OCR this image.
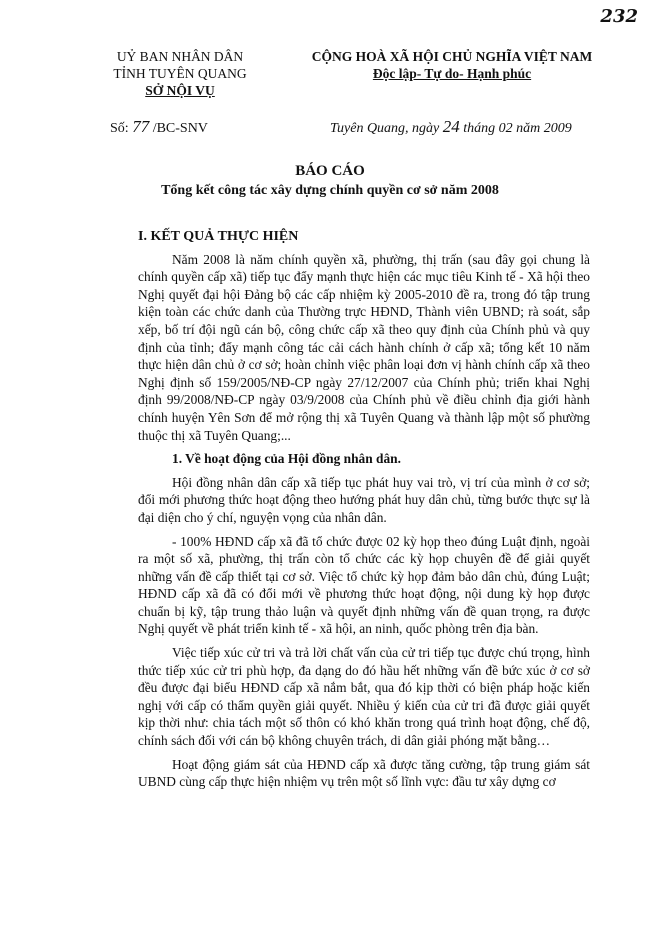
232
UỶ BAN NHÂN DÂN
TỈNH TUYÊN QUANG
SỞ NỘI VỤ
CỘNG HOÀ XÃ HỘI CHỦ NGHĨA VIỆT NAM
Độc lập- Tự do- Hạnh phúc
Số: 77 /BC-SNV	Tuyên Quang, ngày 24 tháng 02 năm 2009
BÁO CÁO
Tổng kết công tác xây dựng chính quyền cơ sở năm 2008
I. KẾT QUẢ THỰC HIỆN

Năm 2008 là năm chính quyền xã, phường, thị trấn (sau đây gọi chung là chính quyền cấp xã) tiếp tục đẩy mạnh thực hiện các mục tiêu Kinh tế - Xã hội theo Nghị quyết đại hội Đảng bộ các cấp nhiệm kỳ 2005-2010 đề ra, trong đó tập trung kiện toàn các chức danh của Thường trực HĐND, Thành viên UBND; rà soát, sắp xếp, bố trí đội ngũ cán bộ, công chức cấp xã theo quy định của Chính phủ và quy định của tỉnh; đẩy mạnh công tác cải cách hành chính ở cấp xã; tổng kết 10 năm thực hiện dân chủ ở cơ sở; hoàn chỉnh việc phân loại đơn vị hành chính cấp xã theo Nghị định số 159/2005/NĐ-CP ngày 27/12/2007 của Chính phủ; triển khai Nghị định 99/2008/NĐ-CP ngày 03/9/2008 của Chính phủ về điều chỉnh địa giới hành chính huyện Yên Sơn để mở rộng thị xã Tuyên Quang và thành lập một số phường thuộc thị xã Tuyên Quang;...

1. Về hoạt động của Hội đồng nhân dân.

Hội đồng nhân dân cấp xã tiếp tục phát huy vai trò, vị trí của mình ở cơ sở; đổi mới phương thức hoạt động theo hướng phát huy dân chủ, từng bước thực sự là đại diện cho ý chí, nguyện vọng của nhân dân.

- 100% HĐND cấp xã đã tổ chức được 02 kỳ họp theo đúng Luật định, ngoài ra một số xã, phường, thị trấn còn tổ chức các kỳ họp chuyên đề để giải quyết những vấn đề cấp thiết tại cơ sở. Việc tổ chức kỳ họp đảm bảo dân chủ, đúng Luật; HĐND cấp xã đã có đổi mới về phương thức hoạt động, nội dung kỳ họp được chuẩn bị kỹ, tập trung thảo luận và quyết định những vấn đề quan trọng, ra được Nghị quyết về phát triển kinh tế - xã hội, an ninh, quốc phòng trên địa bàn.

Việc tiếp xúc cử tri và trả lời chất vấn của cử tri tiếp tục được chú trọng, hình thức tiếp xúc cử tri phù hợp, đa dạng do đó hầu hết những vấn đề bức xúc ở cơ sở đều được đại biểu HĐND cấp xã nắm bắt, qua đó kịp thời có biện pháp hoặc kiến nghị với cấp có thẩm quyền giải quyết. Nhiều ý kiến của cử tri đã được giải quyết kịp thời như: chia tách một số thôn có khó khăn trong quá trình hoạt động, chế độ, chính sách đối với cán bộ không chuyên trách, di dân giải phóng mặt bằng…

Hoạt động giám sát của HĐND cấp xã được tăng cường, tập trung giám sát UBND cùng cấp thực hiện nhiệm vụ trên một số lĩnh vực: đầu tư xây dựng cơ
